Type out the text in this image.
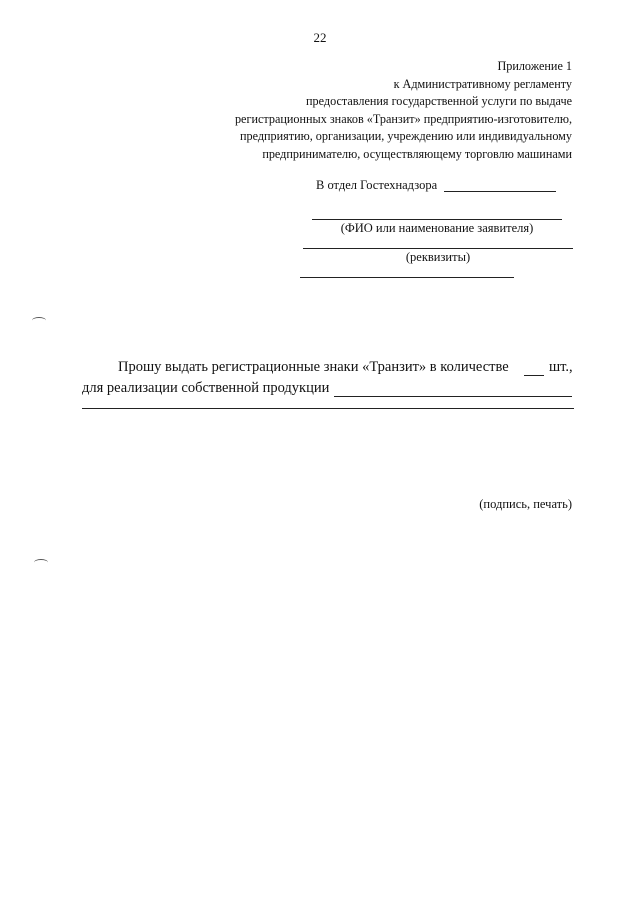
22
Приложение 1
к Административному регламенту
предоставления государственной услуги по выдаче
регистрационных знаков «Транзит» предприятию-изготовителю,
предприятию, организации, учреждению или индивидуальному
предпринимателю, осуществляющему торговлю машинами
В отдел Гостехнадзора
(ФИО или наименование заявителя)
(реквизиты)
Прошу выдать регистрационные знаки «Транзит» в количестве	шт.,
для реализации собственной продукции
(подпись, печать)
